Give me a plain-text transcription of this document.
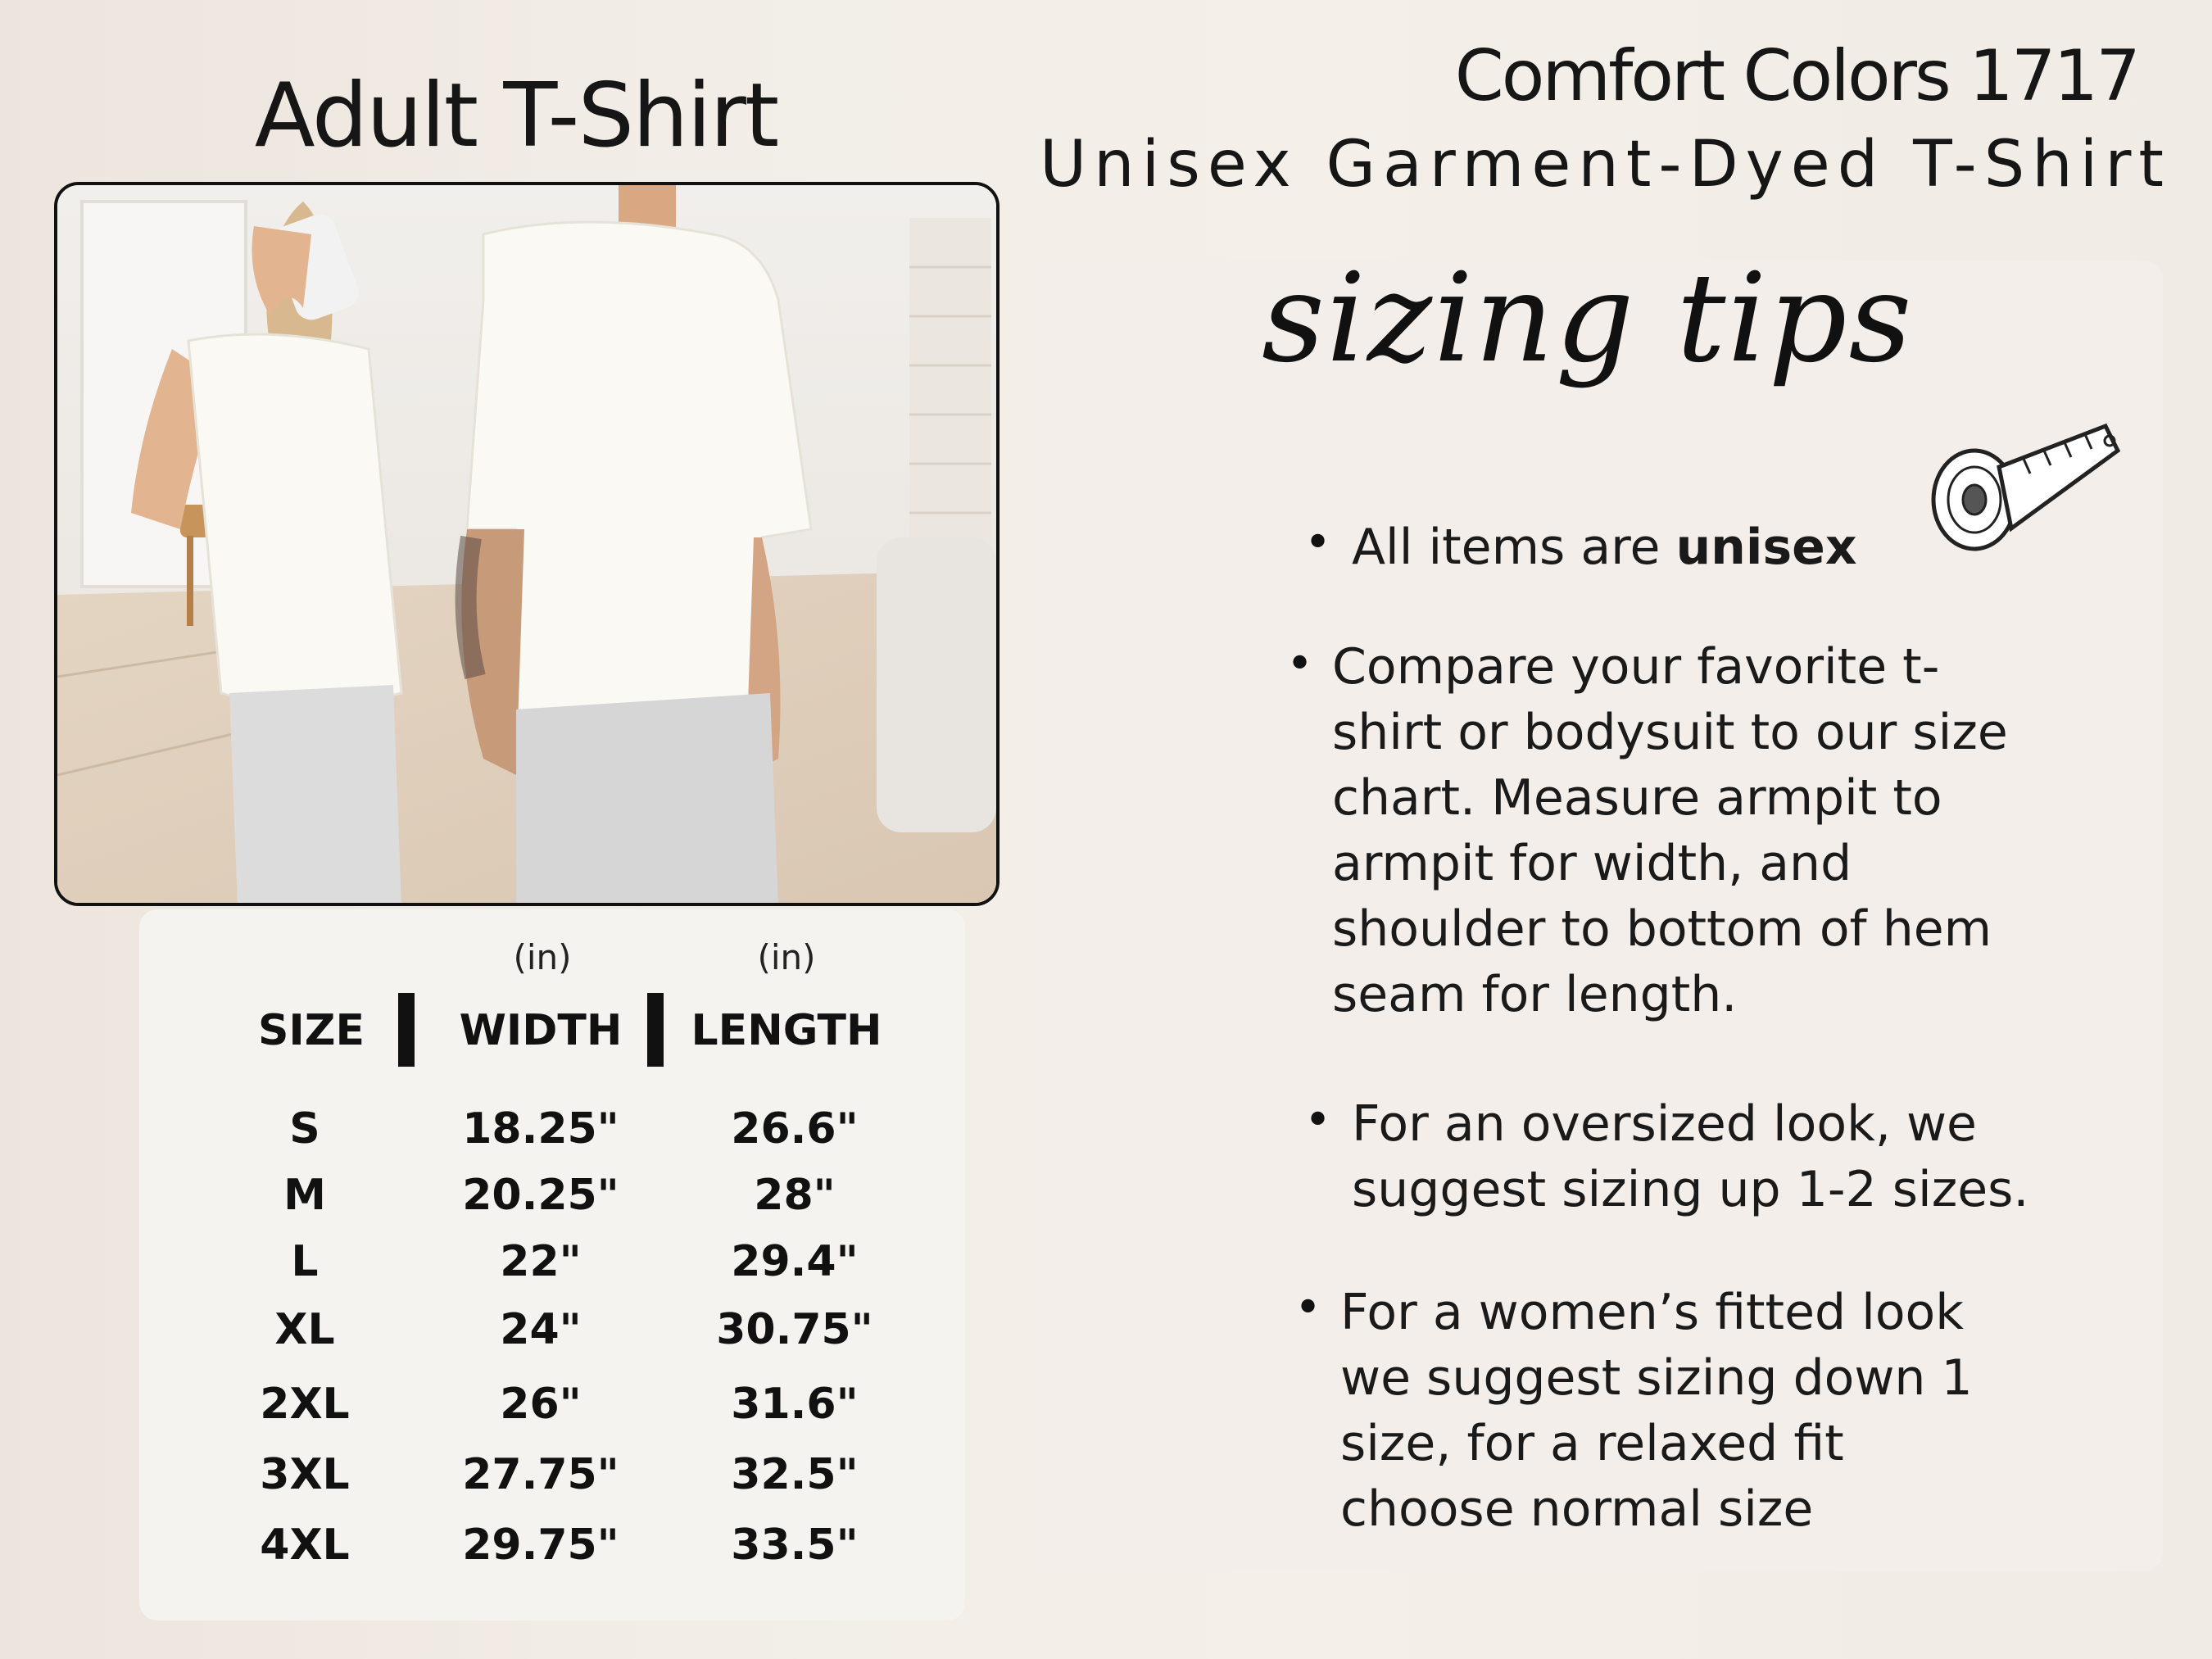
Adult T-Shirt	Comfort Colors 1717
Unisex Garment-Dyed T-Shirt
(in)	(in)
SIZE	WIDTH	LENGTH
S	18.25"	26.6"
M	20.25"	28"
L	22"	29.4"
XL	24"	30.75"
2XL	26"	31.6"
3XL	27.75"	32.5"
4XL	29.75"	33.5"
sizing tips
• All items are unisex
• Compare your favorite t-
shirt or bodysuit to our size
chart. Measure armpit to
armpit for width, and
shoulder to bottom of hem
seam for length.
• For an oversized look, we
suggest sizing up 1-2 sizes.
• For a women’s fitted look
we suggest sizing down 1
size, for a relaxed fit
choose normal size
